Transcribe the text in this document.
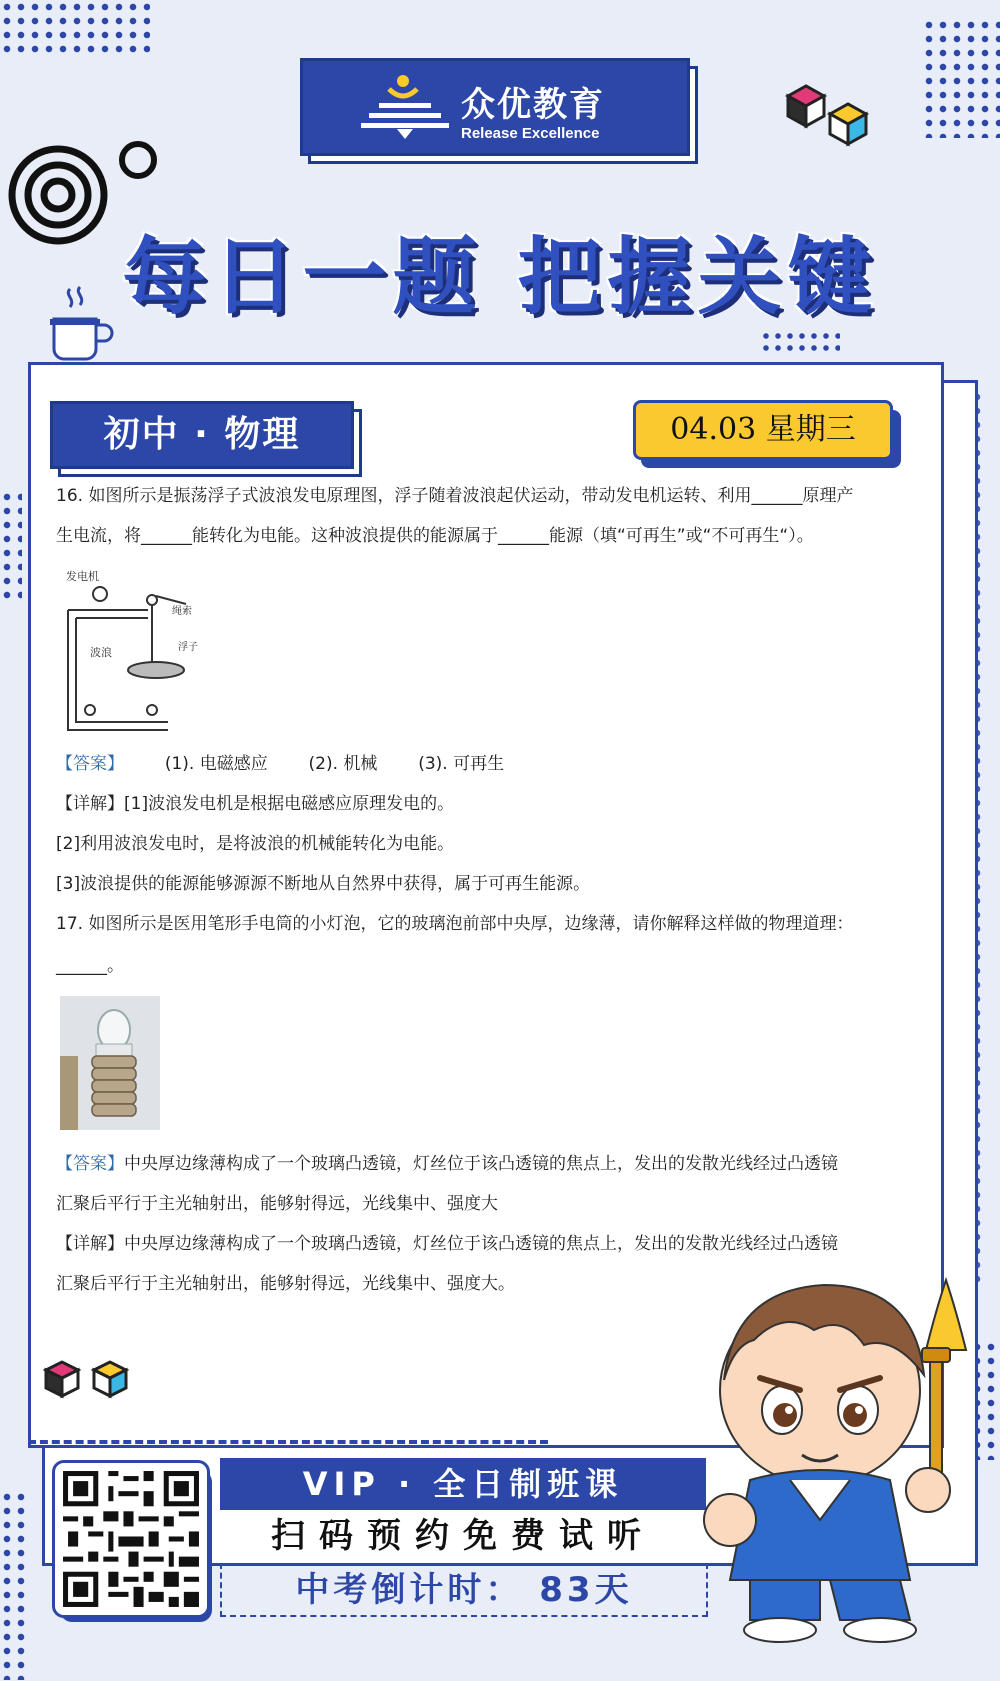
众优教育
Release Excellence
每日一题 把握关键
初中 · 物理	04.03 星期三
16. 如图所示是振荡浮子式波浪发电原理图，浮子随着波浪起伏运动，带动发电机运转、利用______原理产
生电流，将______能转化为电能。这种波浪提供的能源属于______能源（填“可再生”或“不可再生“）。
发电机
波浪
绳索
浮子
【答案】 (1). 电磁感应 (2). 机械 (3). 可再生
【详解】[1]波浪发电机是根据电磁感应原理发电的。
[2]利用波浪发电时，是将波浪的机械能转化为电能。
[3]波浪提供的能源能够源源不断地从自然界中获得，属于可再生能源。
17. 如图所示是医用笔形手电筒的小灯泡，它的玻璃泡前部中央厚，边缘薄，请你解释这样做的物理道理：
______。
【答案】中央厚边缘薄构成了一个玻璃凸透镜，灯丝位于该凸透镜的焦点上，发出的发散光线经过凸透镜
汇聚后平行于主光轴射出，能够射得远，光线集中、强度大
【详解】中央厚边缘薄构成了一个玻璃凸透镜，灯丝位于该凸透镜的焦点上，发出的发散光线经过凸透镜
汇聚后平行于主光轴射出，能够射得远，光线集中、强度大。
VIP · 全日制班课
扫码预约免费试听
中考倒计时： 83天
